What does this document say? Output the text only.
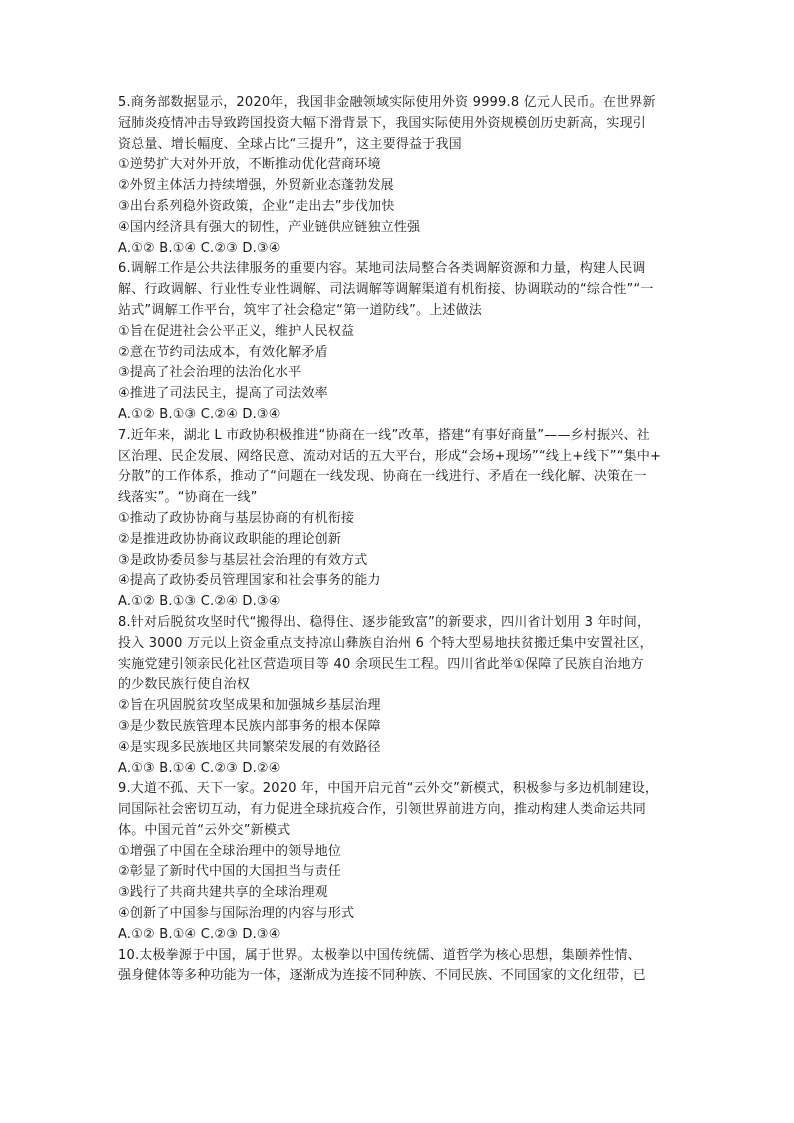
5.商务部数据显示，2020年，我国非金融领域实际使用外资 9999.8 亿元人民币。在世界新

冠肺炎疫情冲击导致跨国投资大幅下滑背景下，我国实际使用外资规模创历史新高，实现引

资总量、增长幅度、全球占比“三提升”，这主要得益于我国

①逆势扩大对外开放，不断推动优化营商环境

②外贸主体活力持续增强，外贸新业态蓬勃发展

③出台系列稳外资政策，企业“走出去”步伐加快

④国内经济具有强大的韧性，产业链供应链独立性强

A.①② B.①④ C.②③ D.③④

6.调解工作是公共法律服务的重要内容。某地司法局整合各类调解资源和力量，构建人民调

解、行政调解、行业性专业性调解、司法调解等调解渠道有机衔接、协调联动的“综合性”“一

站式”调解工作平台，筑牢了社会稳定“第一道防线”。上述做法

①旨在促进社会公平正义，维护人民权益

②意在节约司法成本，有效化解矛盾

③提高了社会治理的法治化水平

④推进了司法民主，提高了司法效率

A.①② B.①③ C.②④ D.③④

7.近年来，湖北 L 市政协积极推进“协商在一线”改革，搭建“有事好商量”——乡村振兴、社

区治理、民企发展、网络民意、流动对话的五大平台，形成“会场+现场”“线上+线下”“集中+

分散”的工作体系，推动了“问题在一线发现、协商在一线进行、矛盾在一线化解、决策在一

线落实”。“协商在一线”

①推动了政协协商与基层协商的有机衔接

②是推进政协协商议政职能的理论创新

③是政协委员参与基层社会治理的有效方式

④提高了政协委员管理国家和社会事务的能力

A.①② B.①③ C.②④ D.③④

8.针对后脱贫攻坚时代“搬得出、稳得住、逐步能致富”的新要求，四川省计划用 3 年时间，

投入 3000 万元以上资金重点支持凉山彝族自治州 6 个特大型易地扶贫搬迁集中安置社区，

实施党建引领亲民化社区营造项目等 40 余项民生工程。四川省此举①保障了民族自治地方

的少数民族行使自治权

②旨在巩固脱贫攻坚成果和加强城乡基层治理

③是少数民族管理本民族内部事务的根本保障

④是实现多民族地区共同繁荣发展的有效路径

A.①③ B.①④ C.②③ D.②④

9.大道不孤、天下一家。2020 年，中国开启元首“云外交”新模式，积极参与多边机制建设，

同国际社会密切互动，有力促进全球抗疫合作，引领世界前进方向，推动构建人类命运共同

体。中国元首“云外交”新模式

①增强了中国在全球治理中的领导地位

②彰显了新时代中国的大国担当与责任

③践行了共商共建共享的全球治理观

④创新了中国参与国际治理的内容与形式

A.①② B.①④ C.②③ D.③④

10.太极拳源于中国，属于世界。太极拳以中国传统儒、道哲学为核心思想，集颐养性情、

强身健体等多种功能为一体，逐渐成为连接不同种族、不同民族、不同国家的文化纽带，已
